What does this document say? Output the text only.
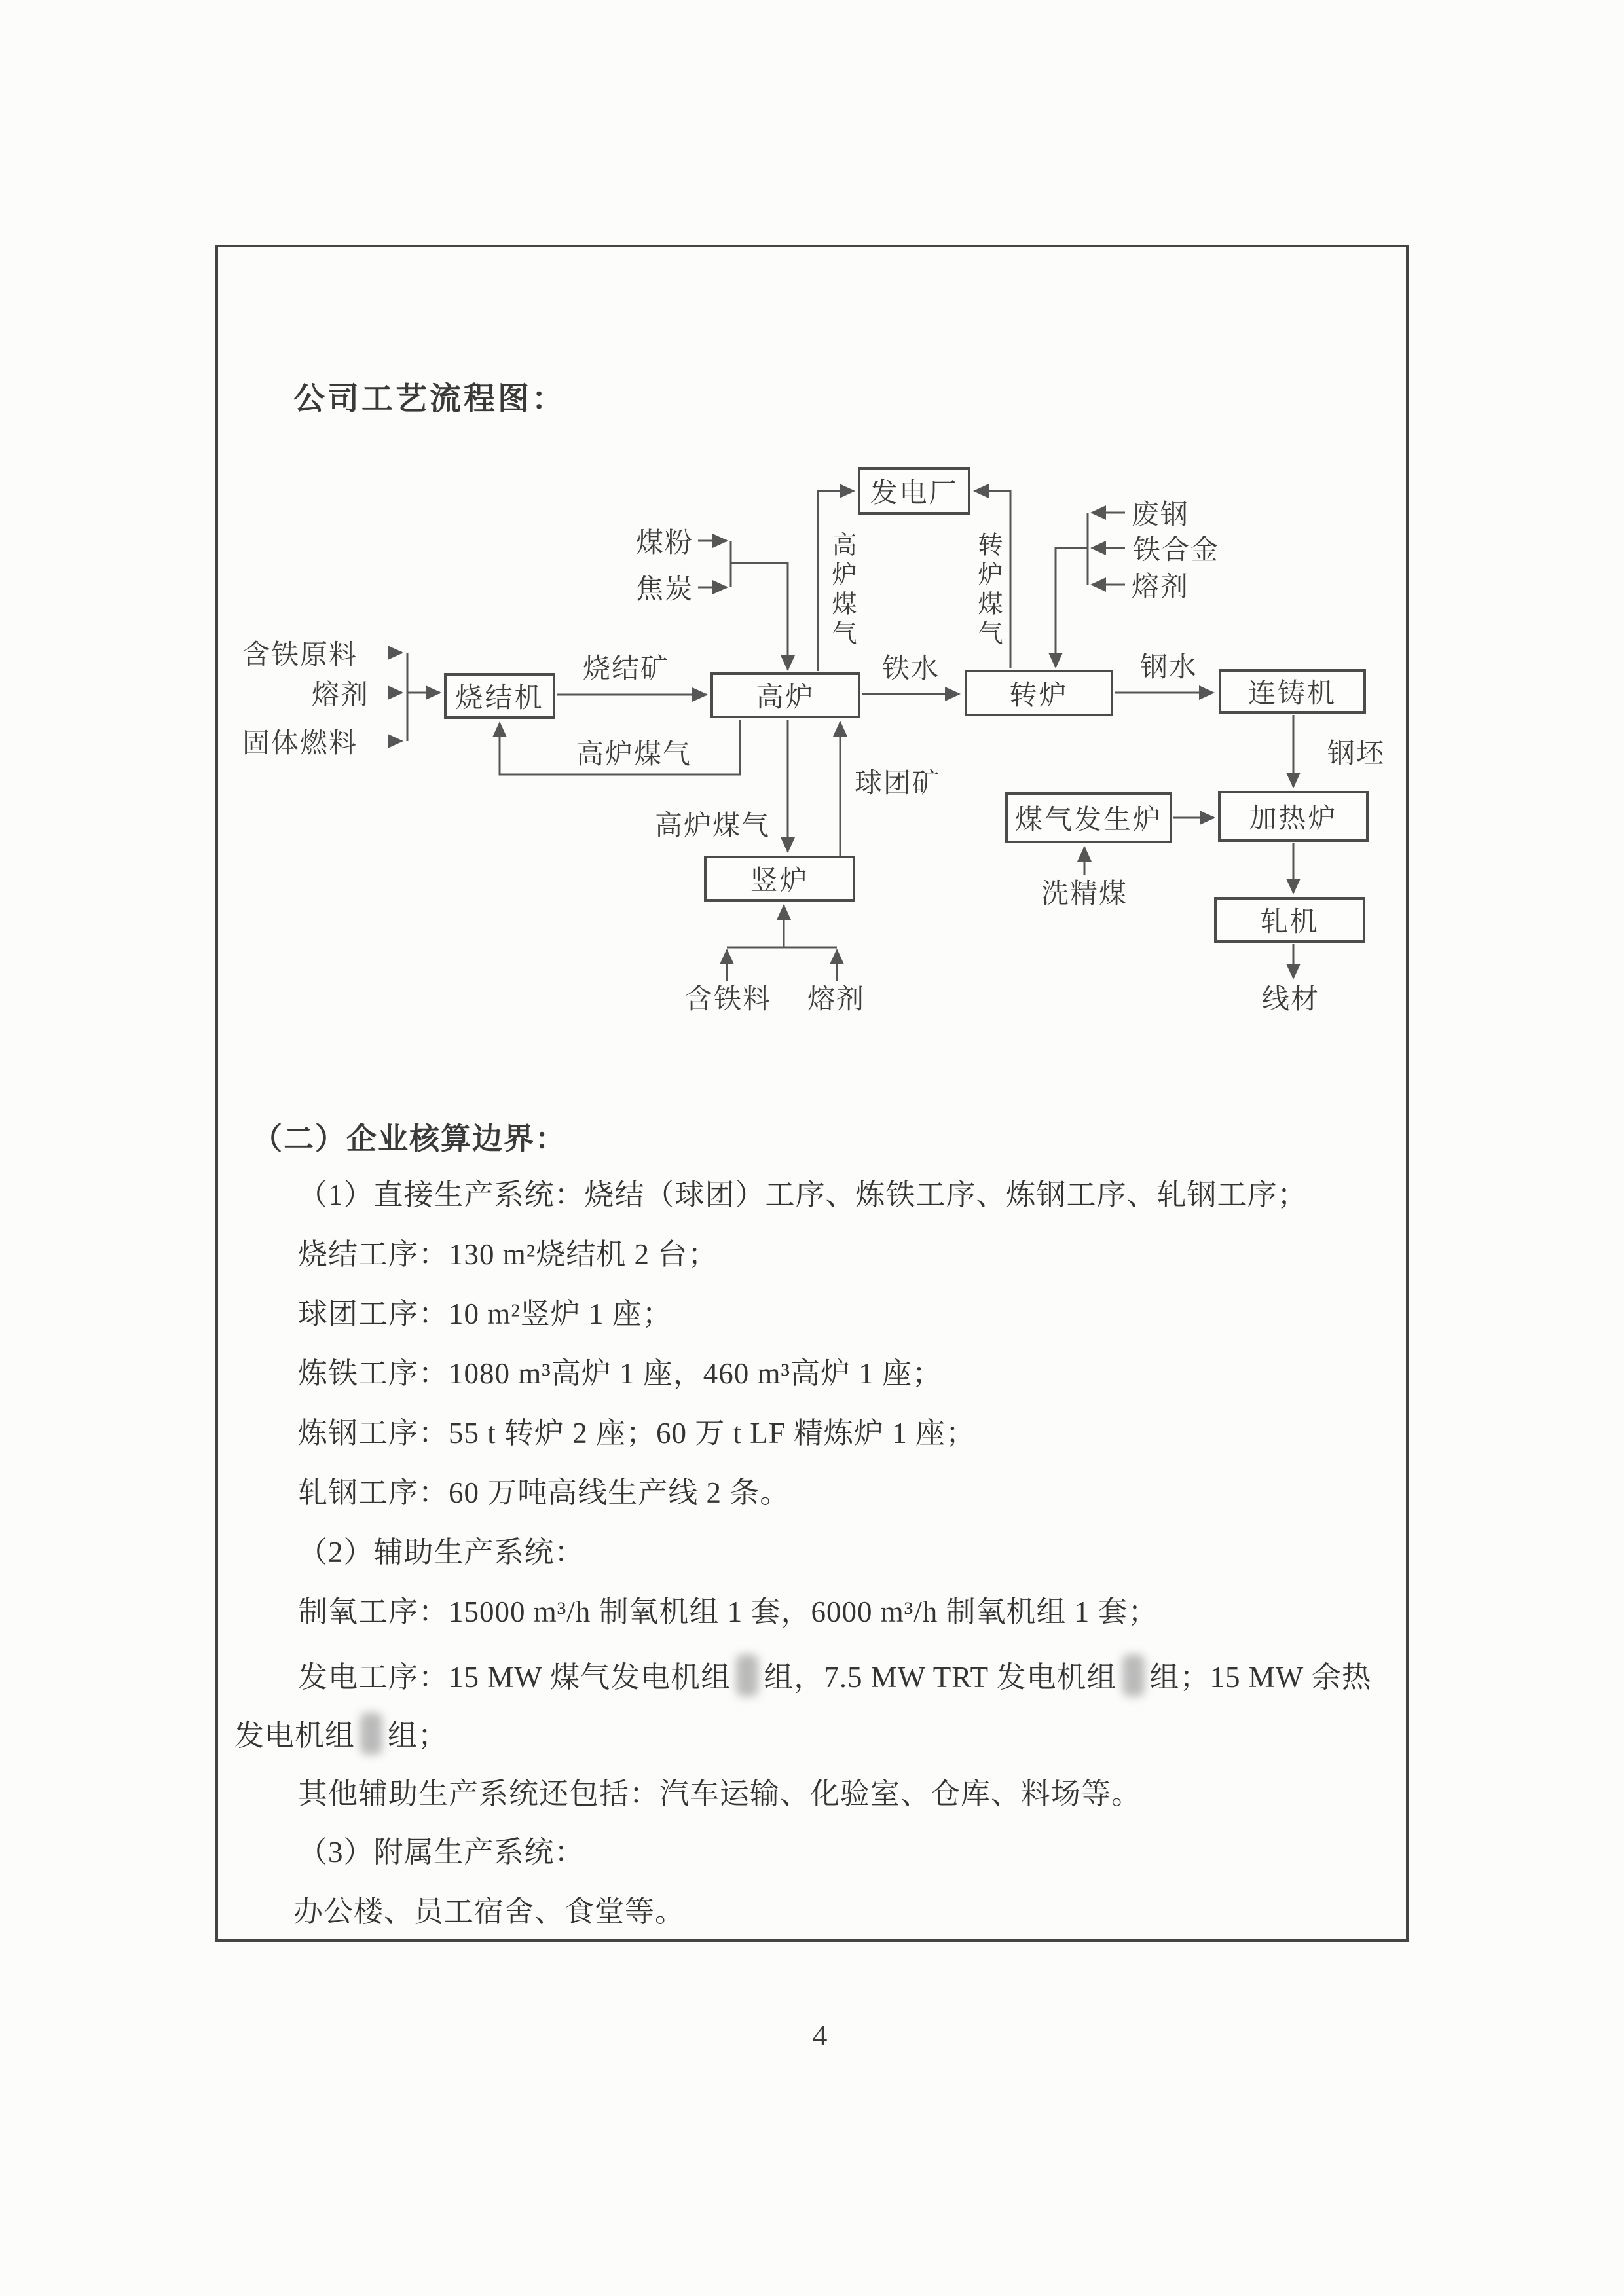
公司工艺流程图：
发电厂
烧结机	高炉	转炉	连铸机
竖炉
煤气发生炉	加热炉
轧机
煤粉
焦炭
含铁原料
熔剂
固体燃料
烧结矿	铁水	钢水
钢坯
废钢
铁合金
熔剂
高炉煤气
高炉煤气
球团矿
含铁料 熔剂
洗精煤
线材
高炉煤气	转炉煤气
（二）企业核算边界：
（1）直接生产系统：烧结（球团）工序、炼铁工序、炼钢工序、轧钢工序；
烧结工序：130 m²烧结机 2 台；
球团工序：10 m²竖炉 1 座；
炼铁工序：1080 m³高炉 1 座，460 m³高炉 1 座；
炼钢工序：55 t 转炉 2 座；60 万 t LF 精炼炉 1 座；
轧钢工序：60 万吨高线生产线 2 条。
（2）辅助生产系统：
制氧工序：15000 m³/h 制氧机组 1 套，6000 m³/h 制氧机组 1 套；
发电工序：15 MW 煤气发电机组 组，7.5 MW TRT 发电机组 组；15 MW 余热
发电机组 组；
其他辅助生产系统还包括：汽车运输、化验室、仓库、料场等。
（3）附属生产系统：
办公楼、员工宿舍、食堂等。
4
